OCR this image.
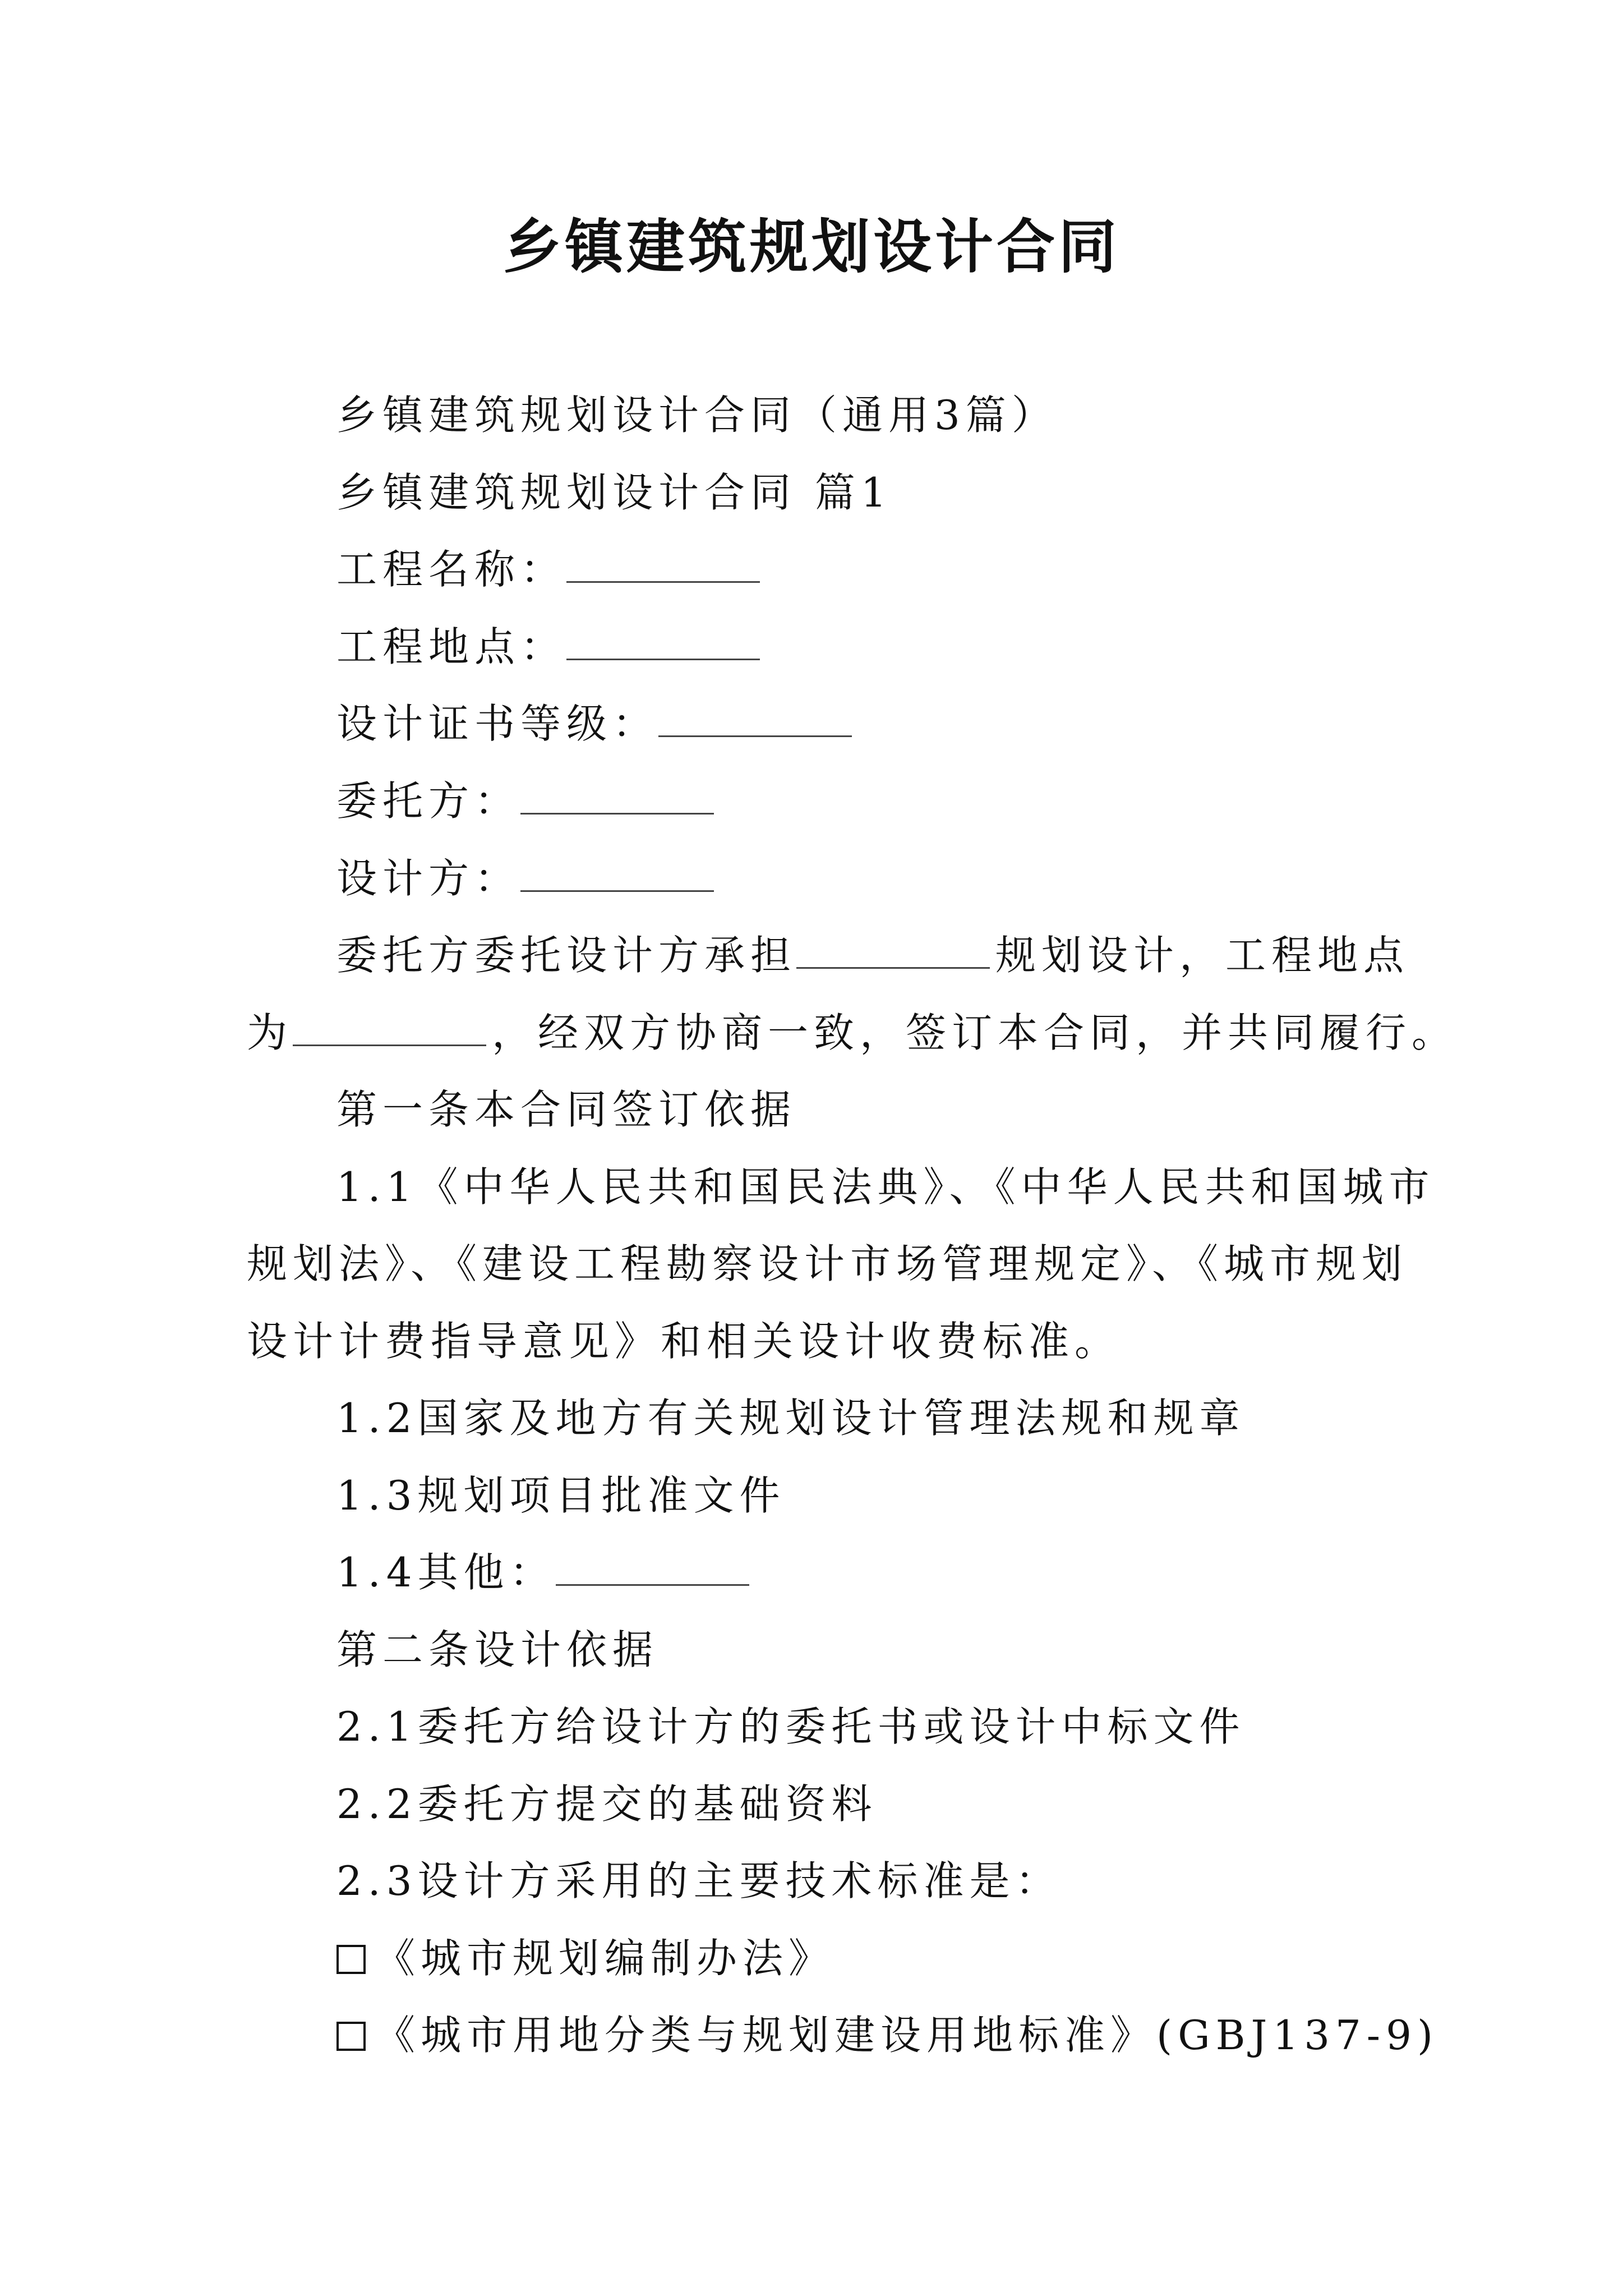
乡镇建筑规划设计合同
乡镇建筑规划设计合同（通用3篇）
乡镇建筑规划设计合同 篇1
工程名称：
工程地点：
设计证书等级：
委托方：
设计方：
委托方委托设计方承担	规划设计，工程地点
为	，经双方协商一致，签订本合同，并共同履行。
第一条本合同签订依据
1.1《中华人民共和国民法典》、《中华人民共和国城市
规划法》、《建设工程勘察设计市场管理规定》、《城市规划
设计计费指导意见》和相关设计收费标准。
1.2国家及地方有关规划设计管理法规和规章
1.3规划项目批准文件
1.4其他：
第二条设计依据
2.1委托方给设计方的委托书或设计中标文件
2.2委托方提交的基础资料
2.3设计方采用的主要技术标准是：
《城市规划编制办法》
《城市用地分类与规划建设用地标准》(GBJ137-9)
